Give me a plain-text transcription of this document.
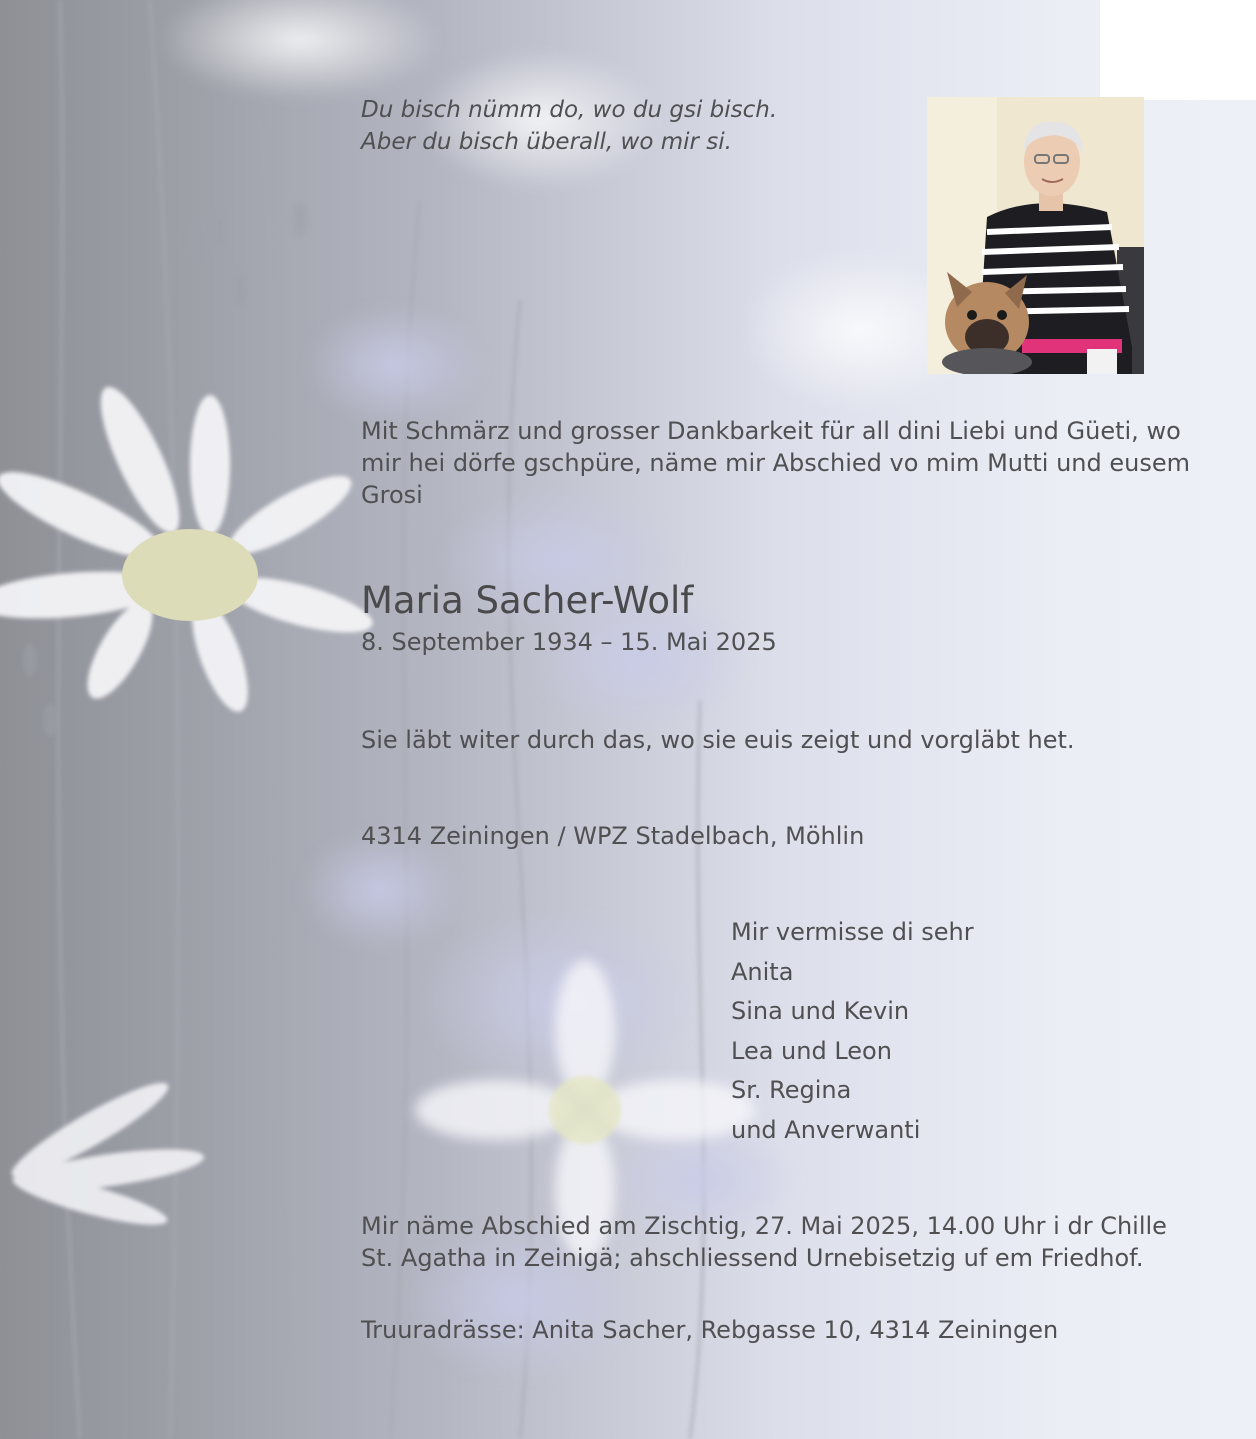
Du bisch nümm do, wo du gsi bisch.
Aber du bisch überall, wo mir si.

Mit Schmärz und grosser Dankbarkeit für all dini Liebi und Güeti, wo mir hei dörfe gschpüre, näme mir Abschied vo mim Mutti und eusem Grosi

Maria Sacher-Wolf
8. September 1934 – 15. Mai 2025
Sie läbt witer durch das, wo sie euis zeigt und vorgläbt het.
4314 Zeiningen / WPZ Stadelbach, Möhlin
Mir vermisse di sehr
Anita
Sina und Kevin
Lea und Leon
Sr. Regina
und Anverwanti

Mir näme Abschied am Zischtig, 27. Mai 2025, 14.00 Uhr i dr Chille St. Agatha in Zeinigä; ahschliessend Urnebisetzig uf em Friedhof.

Truuradrässe: Anita Sacher, Rebgasse 10, 4314 Zeiningen
